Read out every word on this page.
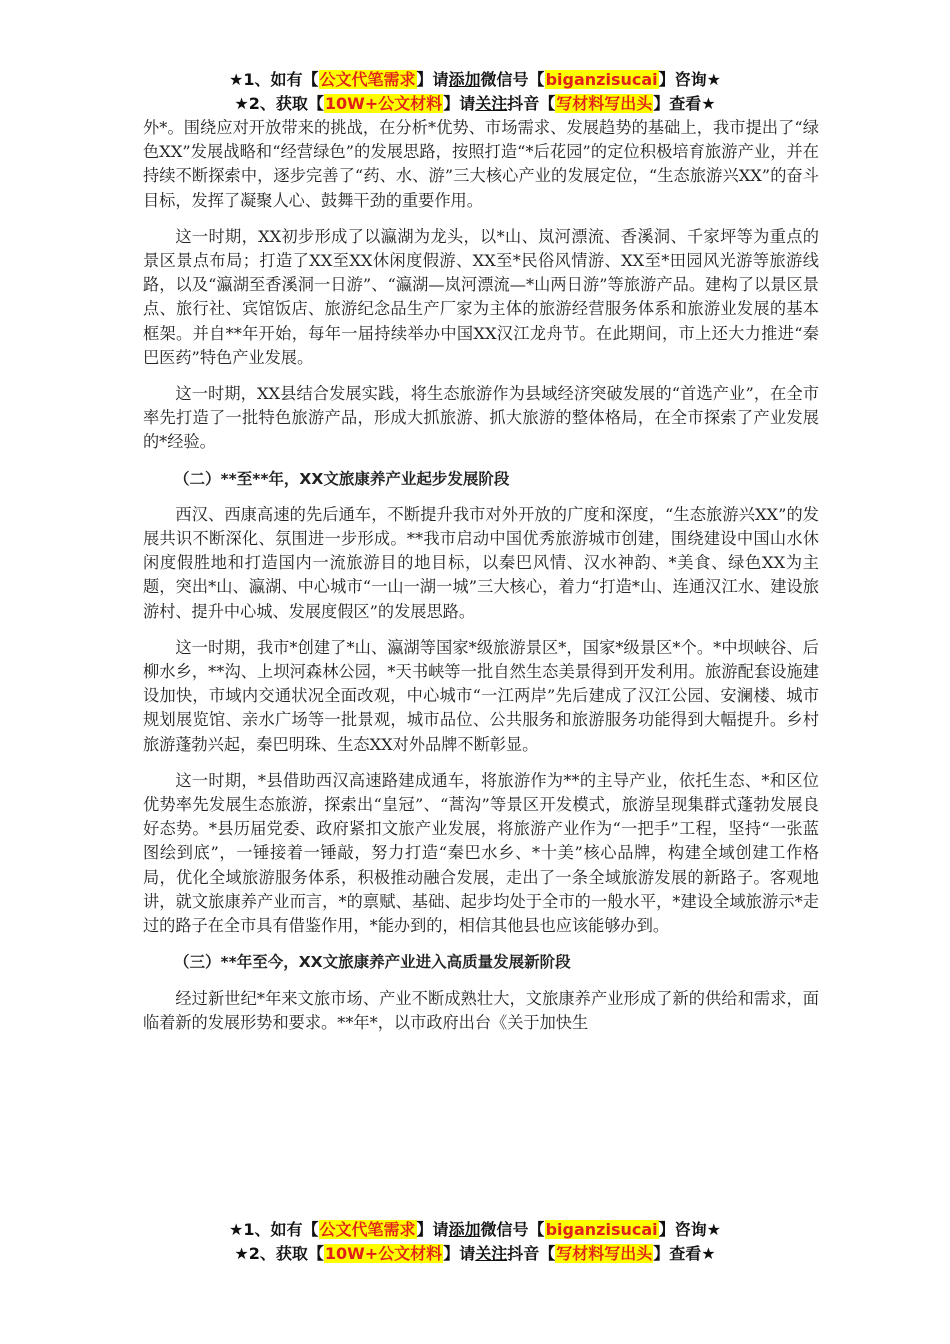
★1、如有【公文代笔需求】请添加微信号【biganzisucai】咨询★
★2、获取【10W+公文材料】请关注抖音【写材料写出头】查看★

外*。围绕应对开放带来的挑战，在分析*优势、市场需求、发展趋势的基础上，我市提出了“绿色XX”发展战略和“经营绿色”的发展思路，按照打造“*后花园”的定位积极培育旅游产业，并在持续不断探索中，逐步完善了“药、水、游”三大核心产业的发展定位，“生态旅游兴XX”的奋斗目标，发挥了凝聚人心、鼓舞干劲的重要作用。

这一时期，XX初步形成了以瀛湖为龙头，以*山、岚河漂流、香溪洞、千家坪等为重点的景区景点布局；打造了XX至XX休闲度假游、XX至*民俗风情游、XX至*田园风光游等旅游线路，以及“瀛湖至香溪洞一日游”、“瀛湖—岚河漂流—*山两日游”等旅游产品。建构了以景区景点、旅行社、宾馆饭店、旅游纪念品生产厂家为主体的旅游经营服务体系和旅游业发展的基本框架。并自**年开始，每年一届持续举办中国XX汉江龙舟节。在此期间，市上还大力推进“秦巴医药”特色产业发展。

这一时期，XX县结合发展实践，将生态旅游作为县域经济突破发展的“首选产业”，在全市率先打造了一批特色旅游产品，形成大抓旅游、抓大旅游的整体格局，在全市探索了产业发展的*经验。

（二）**至**年，XX文旅康养产业起步发展阶段

西汉、西康高速的先后通车，不断提升我市对外开放的广度和深度，“生态旅游兴XX”的发展共识不断深化、氛围进一步形成。**我市启动中国优秀旅游城市创建，围绕建设中国山水休闲度假胜地和打造国内一流旅游目的地目标，以秦巴风情、汉水神韵、*美食、绿色XX为主题，突出*山、瀛湖、中心城市“一山一湖一城”三大核心，着力“打造*山、连通汉江水、建设旅游村、提升中心城、发展度假区”的发展思路。

这一时期，我市*创建了*山、瀛湖等国家*级旅游景区*，国家*级景区*个。*中坝峡谷、后柳水乡，**沟、上坝河森林公园，*天书峡等一批自然生态美景得到开发利用。旅游配套设施建设加快，市域内交通状况全面改观，中心城市“一江两岸”先后建成了汉江公园、安澜楼、城市规划展览馆、亲水广场等一批景观，城市品位、公共服务和旅游服务功能得到大幅提升。乡村旅游蓬勃兴起，秦巴明珠、生态XX对外品牌不断彰显。

这一时期，*县借助西汉高速路建成通车，将旅游作为**的主导产业，依托生态、*和区位优势率先发展生态旅游，探索出“皇冠”、“蒿沟”等景区开发模式，旅游呈现集群式蓬勃发展良好态势。*县历届党委、政府紧扣文旅产业发展，将旅游产业作为“一把手”工程，坚持“一张蓝图绘到底”，一锤接着一锤敲，努力打造“秦巴水乡、*十美”核心品牌，构建全域创建工作格局，优化全域旅游服务体系，积极推动融合发展，走出了一条全域旅游发展的新路子。客观地讲，就文旅康养产业而言，*的禀赋、基础、起步均处于全市的一般水平，*建设全域旅游示*走过的路子在全市具有借鉴作用，*能办到的，相信其他县也应该能够办到。

（三）**年至今，XX文旅康养产业进入高质量发展新阶段

经过新世纪*年来文旅市场、产业不断成熟壮大，文旅康养产业形成了新的供给和需求，面临着新的发展形势和要求。**年*，以市政府出台《关于加快生

★1、如有【公文代笔需求】请添加微信号【biganzisucai】咨询★
★2、获取【10W+公文材料】请关注抖音【写材料写出头】查看★
